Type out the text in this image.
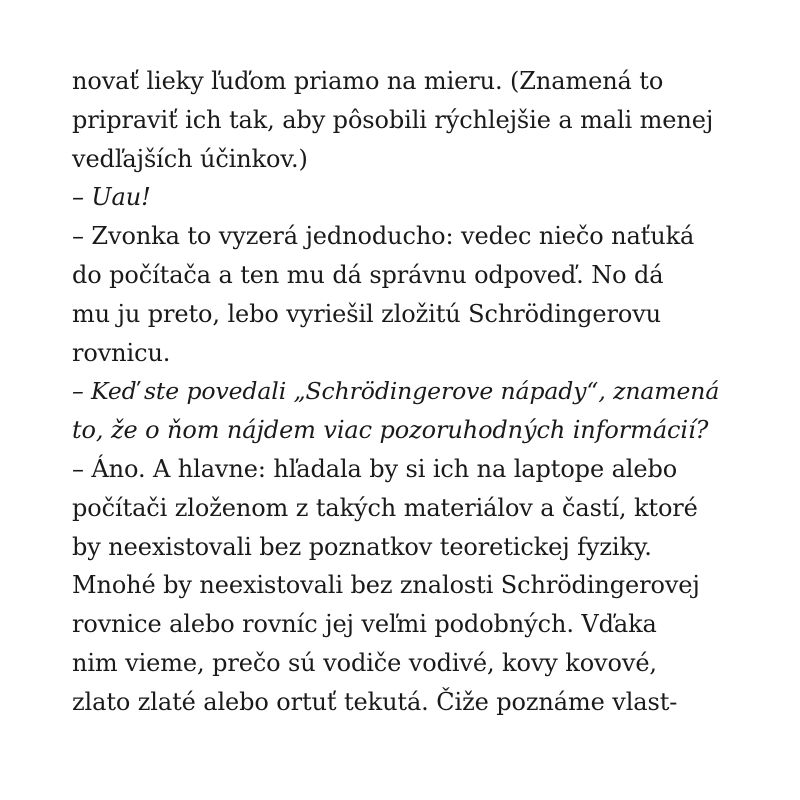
novať lieky ľuďom priamo na mieru. (Znamená to
pripraviť ich tak, aby pôsobili rýchlejšie a mali menej
vedľajších účinkov.)
– Uau!
– Zvonka to vyzerá jednoducho: vedec niečo naťuká
do počítača a ten mu dá správnu odpoveď. No dá
mu ju preto, lebo vyriešil zložitú Schrödingerovu
rovnicu.
– Keď ste povedali „Schrödingerove nápady“, znamená
to, že o ňom nájdem viac pozoruhodných informácií?
– Áno. A hlavne: hľadala by si ich na laptope alebo
počítači zloženom z takých materiálov a častí, ktoré
by neexistovali bez poznatkov teoretickej fyziky.
Mnohé by neexistovali bez znalosti Schrödingerovej
rovnice alebo rovníc jej veľmi podobných. Vďaka
nim vieme, prečo sú vodiče vodivé, kovy kovové,
zlato zlaté alebo ortuť tekutá. Čiže poznáme vlast-
